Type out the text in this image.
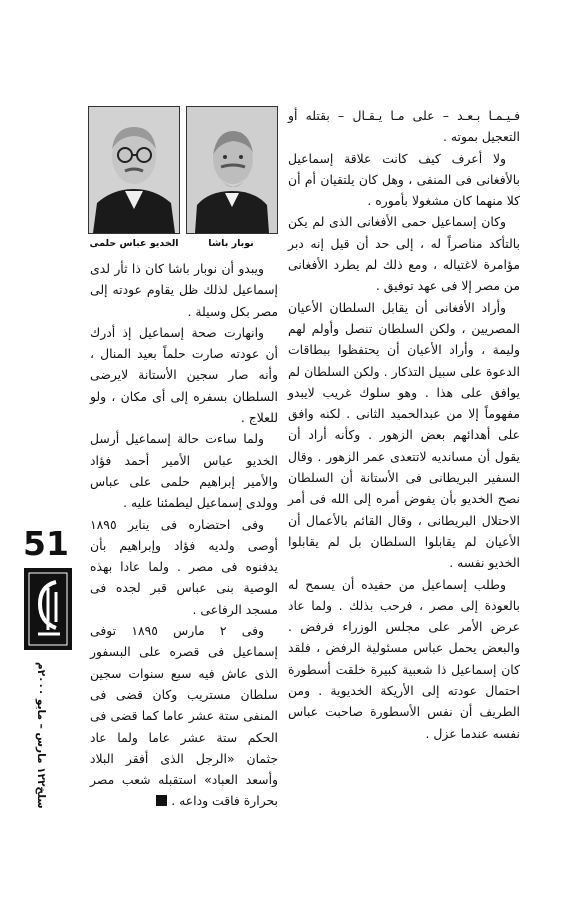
فـيـمـا بـعـد – على مـا يـقـال – بقتله أو التعجيل بموته .

ولا أعرف كيف كانت علاقة إسماعيل بالأفغانى فى المنفى ، وهل كان يلتقيان أم أن كلا منهما كان مشغولا بأموره .

وكان إسماعيل حمى الأفغانى الذى لم يكن بالتأكد مناصراً له ، إلى حد أن قيل إنه دبر مؤامرة لاغتياله ، ومع ذلك لم يطرد الأفغانى من مصر إلا فى عهد توفيق .

وأراد الأفغانى أن يقابل السلطان الأعيان المصريين ، ولكن السلطان تنصل وأولم لهم وليمة ، وأراد الأعيان أن يحتفظوا ببطاقات الدعوة على سبيل التذكار . ولكن السلطان لم يوافق على هذا . وهو سلوك غريب لايبدو مفهوماً إلا من عبدالحميد الثانى . لكنه وافق على أهدائهم بعض الزهور . وكأنه أراد أن يقول أن مسانديه لاتتعدى عمر الزهور . وقال السفير البريطانى فى الأستانة أن السلطان نصح الخديو بأن يفوض أمره إلى الله فى أمر الاحتلال البريطانى ، وقال القائم بالأعمال أن الأعيان لم يقابلوا السلطان بل لم يقابلوا الخديو نفسه .

وطلب إسماعيل من حفيده أن يسمح له بالعودة إلى مصر ، فرحب بذلك . ولما عاد عرض الأمر على مجلس الوزراء فرفض . والبعض يحمل عباس مسئولية الرفض ، فلقد كان إسماعيل ذا شعبية كبيرة خلقت أسطورة احتمال عودته إلى الأريكة الخديوية . ومن الطريف أن نفس الأسطورة صاحبت عباس نفسه عندما عزل .

نوبار باشا
الخديو عباس حلمى

ويبدو أن نوبار باشا كان ذا ثأر لدى إسماعيل لذلك ظل يقاوم عودته إلى مصر بكل وسيلة .

وانهارت صحة إسماعيل إذ أدرك أن عودته صارت حلماً بعيد المنال ، وأنه صار سجين الأستانة لايرضى السلطان بسفره إلى أى مكان ، ولو للعلاج .

ولما ساءت حالة إسماعيل أرسل الخديو عباس الأمير أحمد فؤاد والأمير إبراهيم حلمى على عباس وولدى إسماعيل ليطمئنا عليه .

وفى احتضاره فى يناير ١٨٩٥ أوصى ولديه فؤاد وإبراهيم بأن يدفنوه فى مصر . ولما عادا بهذه الوصية بنى عباس قبر لجده فى مسجد الرفاعى .

وفى ٢ مارس ١٨٩٥ توفى إسماعيل فى قصره على البسفور الذى عاش فيه سبع سنوات سجين سلطان مستريب وكان قضى فى المنفى ستة عشر عاما كما قضى فى الحكم ستة عشر عاما ولما عاد جثمان «الرجل الذى أفقر البلاد وأسعد العباد» استقبله شعب مصر بحرارة فاقت وداعه .

51
سلخ١٢٢ مارس – مايو ٢٠٠٠م
